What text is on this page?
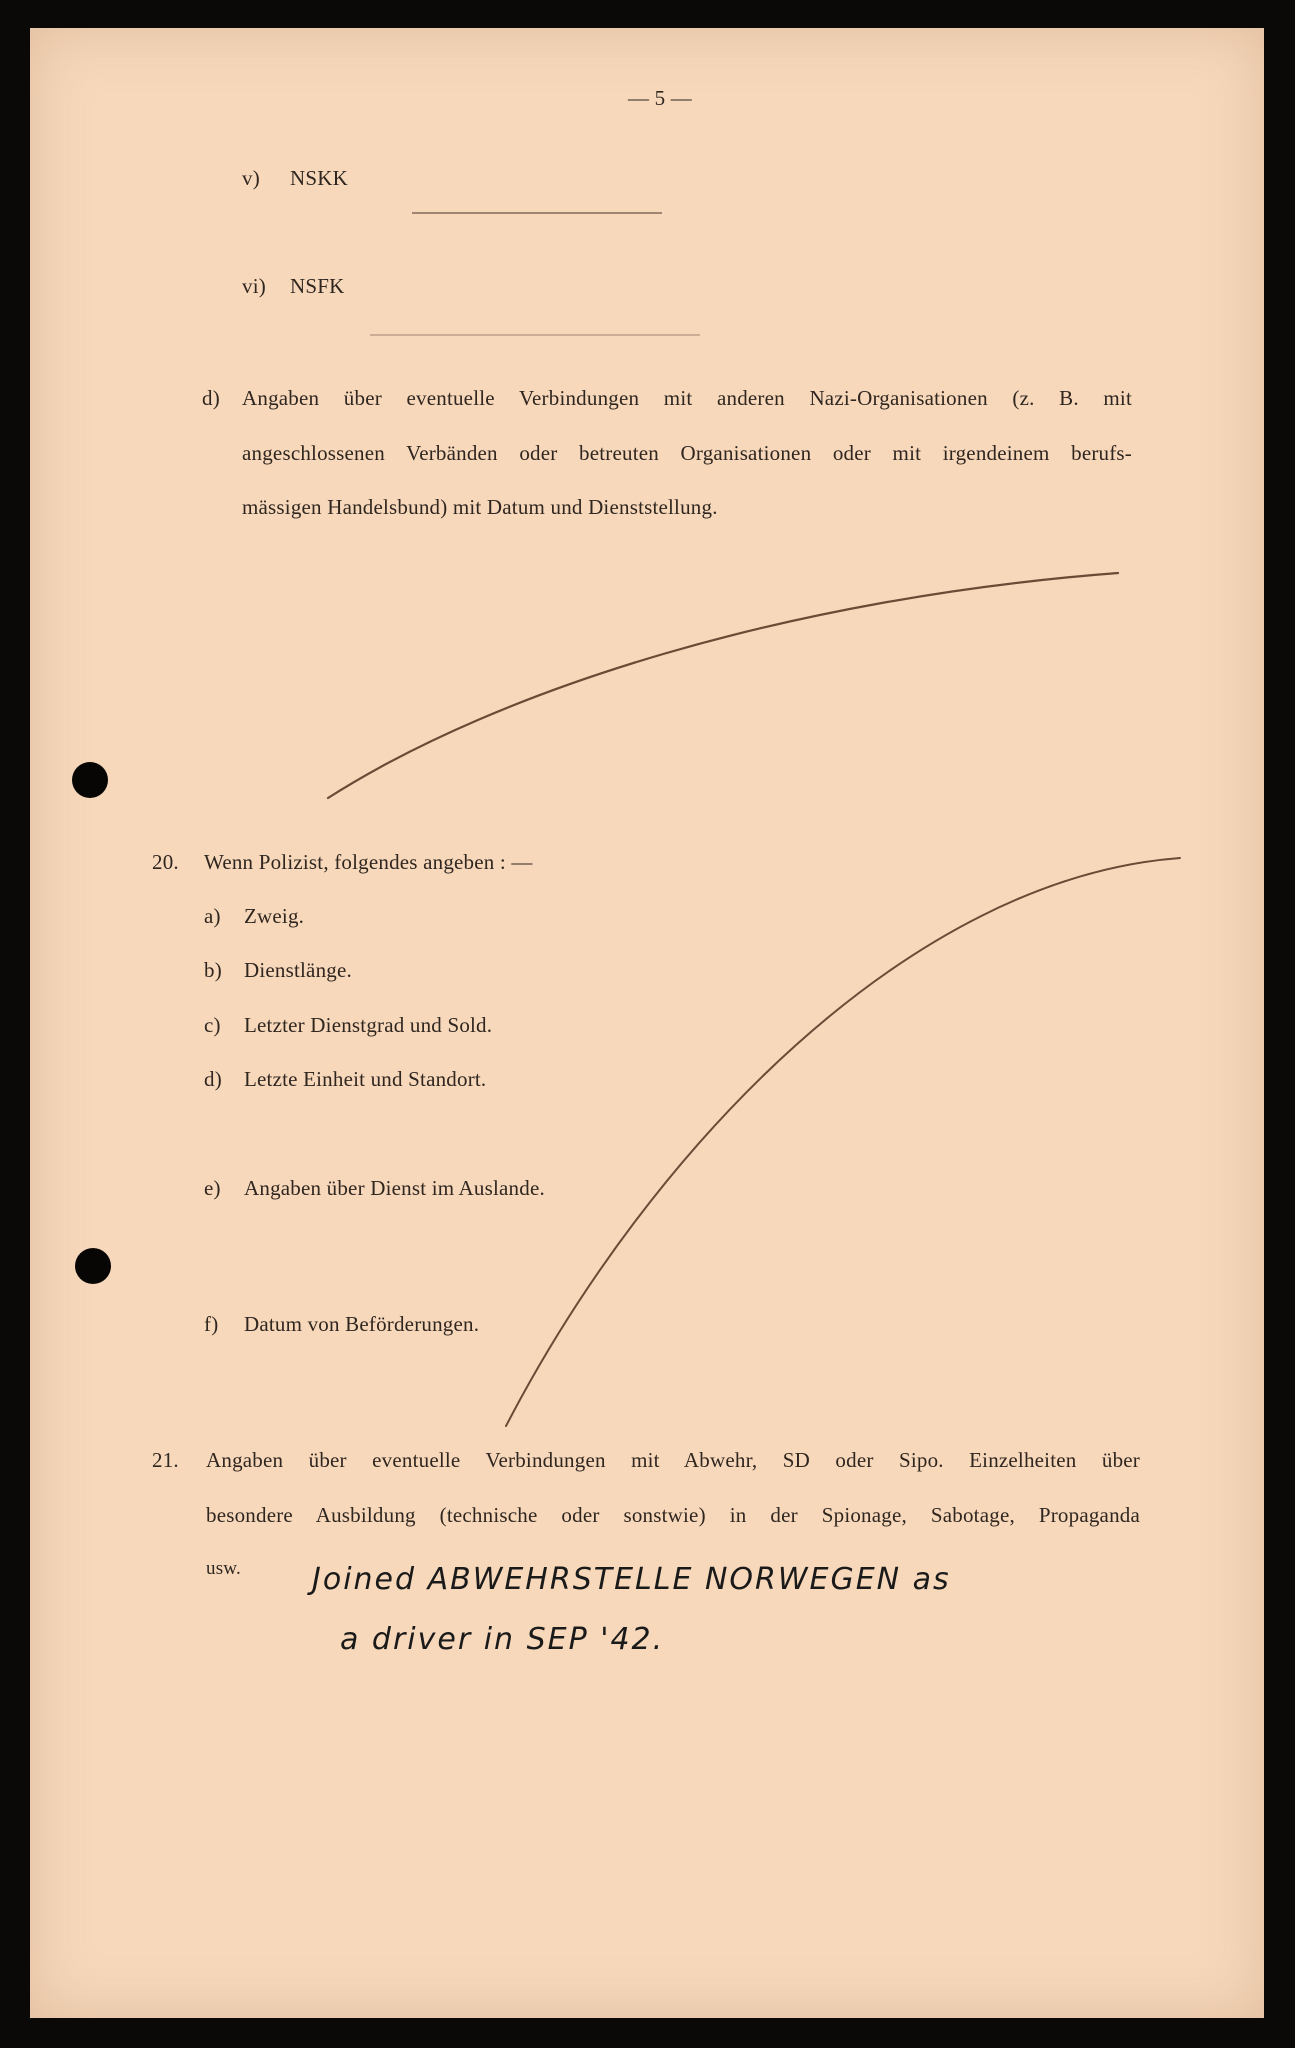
— 5 —
v) NSKK
vi) NSFK
d) Angaben über eventuelle Verbindungen mit anderen Nazi-Organisationen (z. B. mit
angeschlossenen Verbänden oder betreuten Organisationen oder mit irgendeinem berufs-
mässigen Handelsbund) mit Datum und Dienststellung.
20. Wenn Polizist, folgendes angeben : —
a) Zweig.
b) Dienstlänge.
c) Letzter Dienstgrad und Sold.
d) Letzte Einheit und Standort.
e) Angaben über Dienst im Auslande.
f) Datum von Beförderungen.
21. Angaben über eventuelle Verbindungen mit Abwehr, SD oder Sipo. Einzelheiten über
besondere Ausbildung (technische oder sonstwie) in der Spionage, Sabotage, Propaganda
usw. Joined ABWEHRSTELLE NORWEGEN as
a driver in SEP '42.
